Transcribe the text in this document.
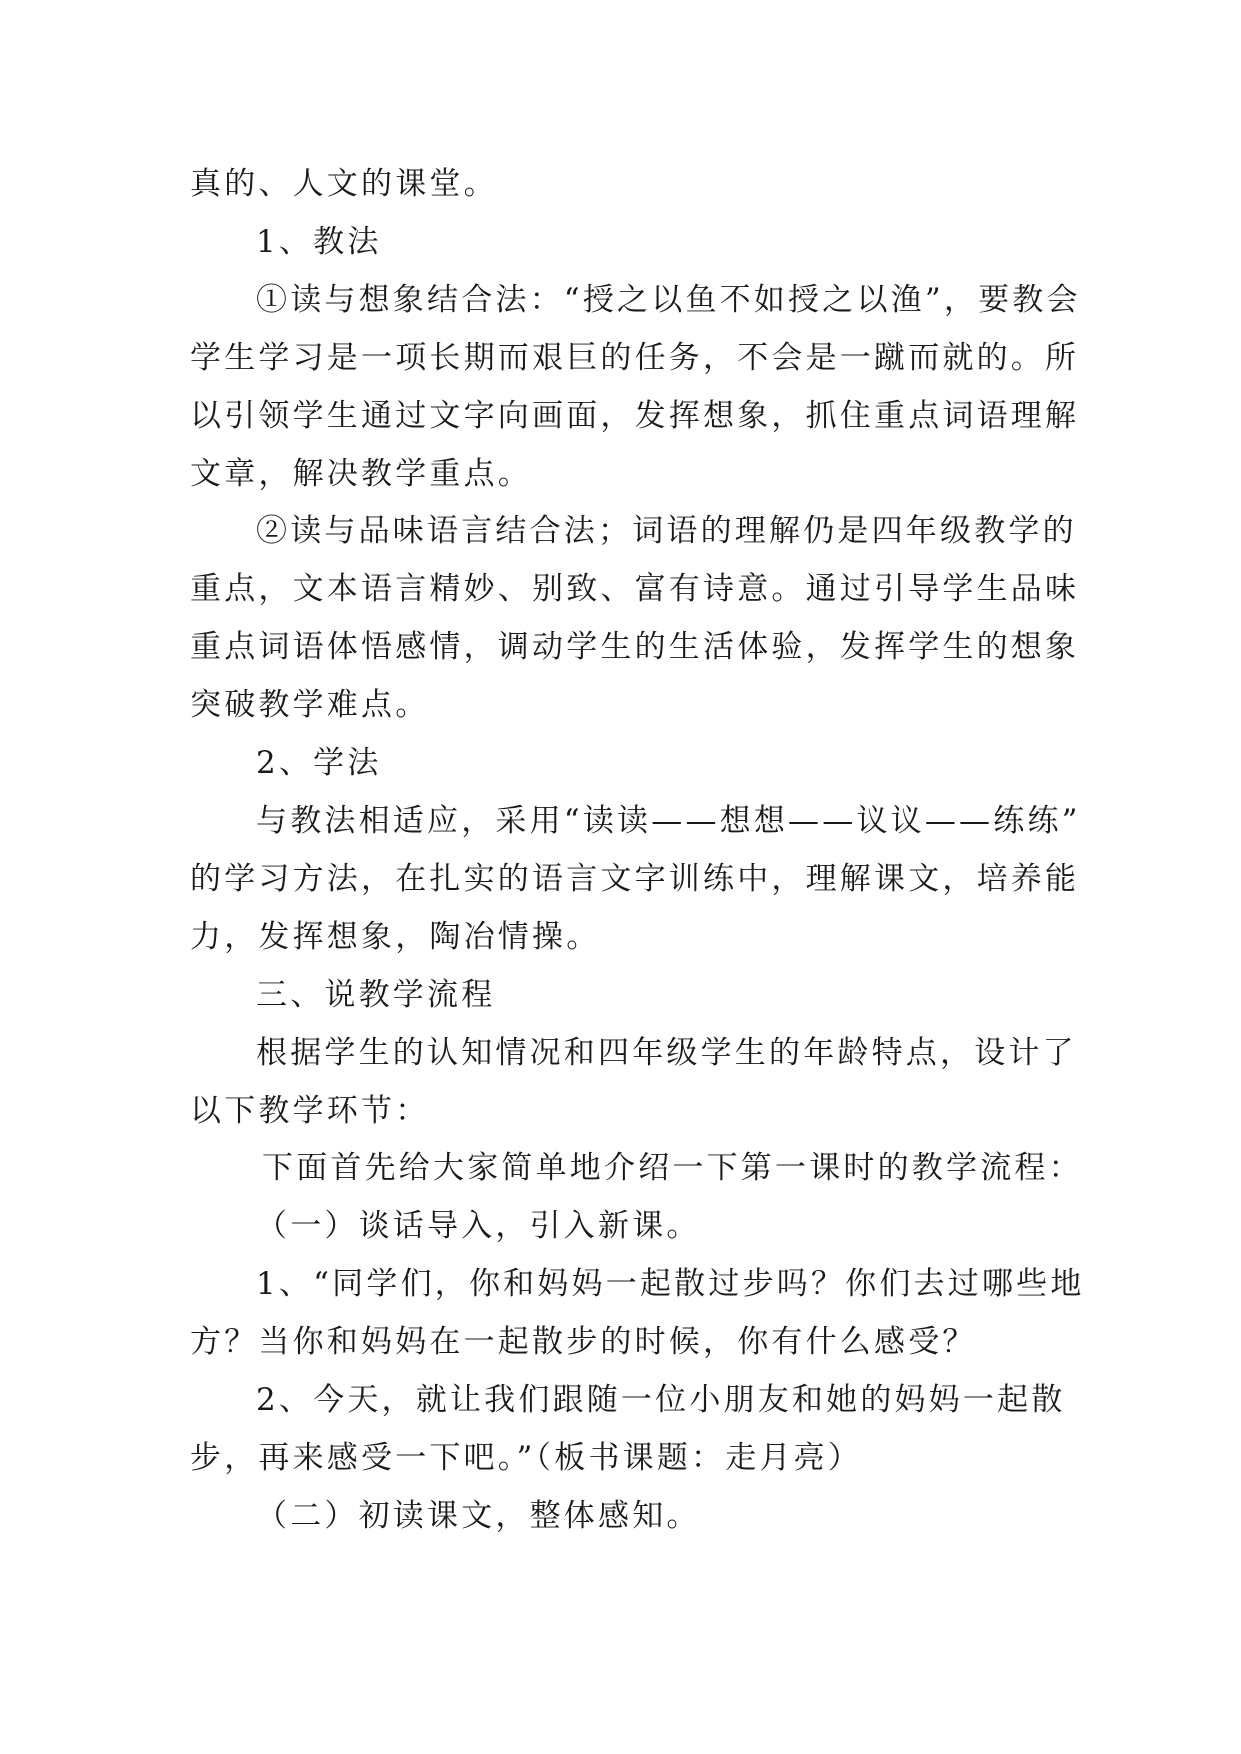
真的、人文的课堂。

1、教法

①读与想象结合法：“授之以鱼不如授之以渔”，要教会

学生学习是一项长期而艰巨的任务，不会是一蹴而就的。所

以引领学生通过文字向画面，发挥想象，抓住重点词语理解

文章，解决教学重点。

②读与品味语言结合法；词语的理解仍是四年级教学的

重点，文本语言精妙、别致、富有诗意。通过引导学生品味

重点词语体悟感情，调动学生的生活体验，发挥学生的想象

突破教学难点。

2、学法

与教法相适应，采用“读读——想想——议议——练练”

的学习方法，在扎实的语言文字训练中，理解课文，培养能

力，发挥想象，陶冶情操。

三、说教学流程

根据学生的认知情况和四年级学生的年龄特点，设计了

以下教学环节：

下面首先给大家简单地介绍一下第一课时的教学流程：

（一）谈话导入，引入新课。

1、“同学们，你和妈妈一起散过步吗？你们去过哪些地

方？当你和妈妈在一起散步的时候，你有什么感受？

2、今天，就让我们跟随一位小朋友和她的妈妈一起散

步，再来感受一下吧。”（板书课题：走月亮）

（二）初读课文，整体感知。
